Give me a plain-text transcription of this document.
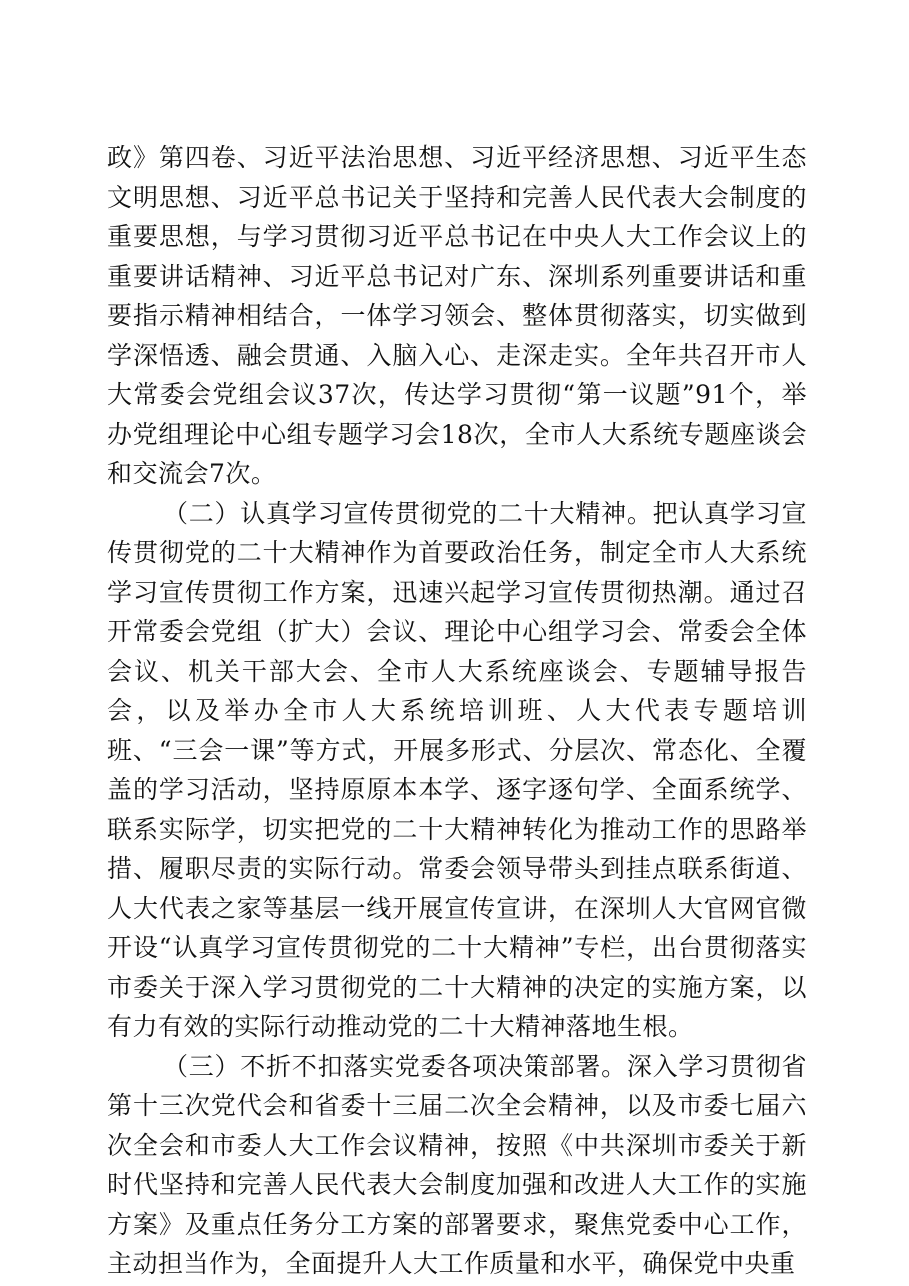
政》第四卷、习近平法治思想、习近平经济思想、习近平生态文明思想、习近平总书记关于坚持和完善人民代表大会制度的重要思想，与学习贯彻习近平总书记在中央人大工作会议上的重要讲话精神、习近平总书记对广东、深圳系列重要讲话和重要指示精神相结合，一体学习领会、整体贯彻落实，切实做到学深悟透、融会贯通、入脑入心、走深走实。全年共召开市人大常委会党组会议37次，传达学习贯彻“第一议题”91个，举办党组理论中心组专题学习会18次，全市人大系统专题座谈会和交流会7次。

（二）认真学习宣传贯彻党的二十大精神。把认真学习宣传贯彻党的二十大精神作为首要政治任务，制定全市人大系统学习宣传贯彻工作方案，迅速兴起学习宣传贯彻热潮。通过召开常委会党组（扩大）会议、理论中心组学习会、常委会全体会议、机关干部大会、全市人大系统座谈会、专题辅导报告会，以及举办全市人大系统培训班、人大代表专题培训班、“三会一课”等方式，开展多形式、分层次、常态化、全覆盖的学习活动，坚持原原本本学、逐字逐句学、全面系统学、联系实际学，切实把党的二十大精神转化为推动工作的思路举措、履职尽责的实际行动。常委会领导带头到挂点联系街道、人大代表之家等基层一线开展宣传宣讲，在深圳人大官网官微开设“认真学习宣传贯彻党的二十大精神”专栏，出台贯彻落实市委关于深入学习贯彻党的二十大精神的决定的实施方案，以有力有效的实际行动推动党的二十大精神落地生根。

（三）不折不扣落实党委各项决策部署。深入学习贯彻省第十三次党代会和省委十三届二次全会精神，以及市委七届六次全会和市委人大工作会议精神，按照《中共深圳市委关于新时代坚持和完善人民代表大会制度加强和改进人大工作的实施方案》及重点任务分工方案的部署要求，聚焦党委中心工作，主动担当作为，全面提升人大工作质量和水平，确保党中央重
